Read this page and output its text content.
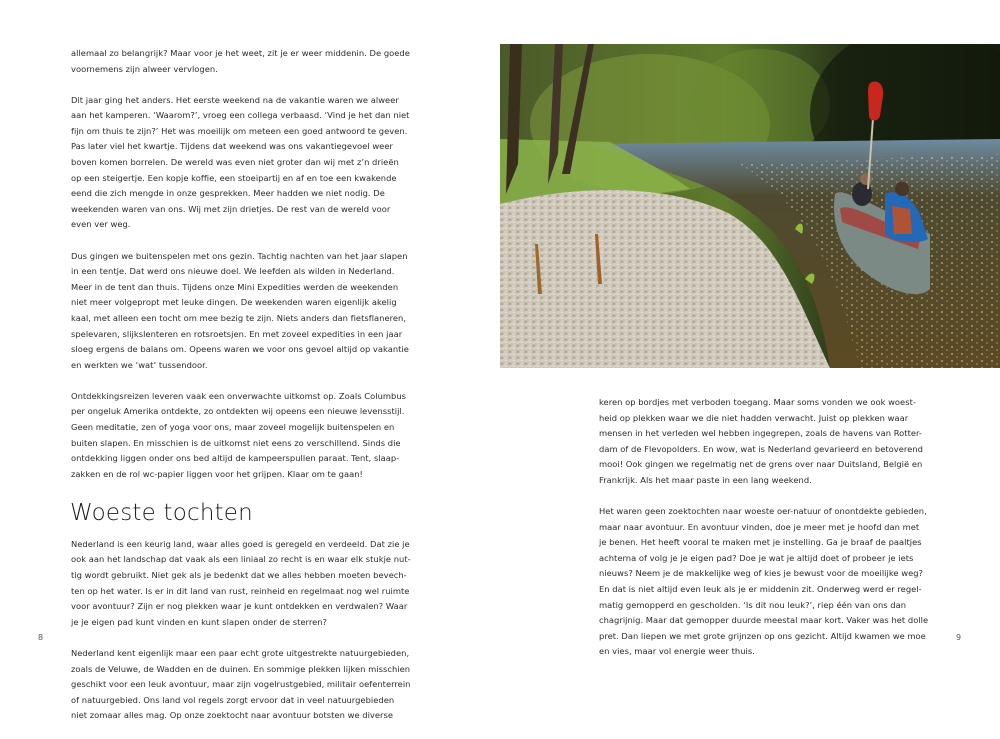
allemaal zo belangrijk? Maar voor je het weet, zit je er weer middenin. De goede
voornemens zijn alweer vervlogen.

Dit jaar ging het anders. Het eerste weekend na de vakantie waren we alweer
aan het kamperen. ‘Waarom?’, vroeg een collega verbaasd. ‘Vind je het dan niet
fijn om thuis te zijn?’ Het was moeilijk om meteen een goed antwoord te geven.
Pas later viel het kwartje. Tijdens dat weekend was ons vakantiegevoel weer
boven komen borrelen. De wereld was even niet groter dan wij met z’n drieën
op een steigertje. Een kopje koffie, een stoeipartij en af en toe een kwakende
eend die zich mengde in onze gesprekken. Meer hadden we niet nodig. De
weekenden waren van ons. Wij met zijn drietjes. De rest van de wereld voor
even ver weg.

Dus gingen we buitenspelen met ons gezin. Tachtig nachten van het jaar slapen
in een tentje. Dat werd ons nieuwe doel. We leefden als wilden in Nederland.
Meer in de tent dan thuis. Tijdens onze Mini Expedities werden de weekenden
niet meer volgepropt met leuke dingen. De weekenden waren eigenlijk akelig
kaal, met alleen een tocht om mee bezig te zijn. Niets anders dan fietsflaneren,
spelevaren, slijkslenteren en rotsroetsjen. En met zoveel expedities in een jaar
sloeg ergens de balans om. Opeens waren we voor ons gevoel altijd op vakantie
en werkten we ‘wat’ tussendoor.

Ontdekkingsreizen leveren vaak een onverwachte uitkomst op. Zoals Columbus
per ongeluk Amerika ontdekte, zo ontdekten wij opeens een nieuwe levensstijl.
Geen meditatie, zen of yoga voor ons, maar zoveel mogelijk buitenspelen en
buiten slapen. En misschien is de uitkomst niet eens zo verschillend. Sinds die
ontdekking liggen onder ons bed altijd de kampeerspullen paraat. Tent, slaap-
zakken en de rol wc-papier liggen voor het grijpen. Klaar om te gaan!

Woeste tochten

Nederland is een keurig land, waar alles goed is geregeld en verdeeld. Dat zie je
ook aan het landschap dat vaak als een liniaal zo recht is en waar elk stukje nut-
tig wordt gebruikt. Niet gek als je bedenkt dat we alles hebben moeten bevech-
ten op het water. Is er in dit land van rust, reinheid en regelmaat nog wel ruimte
voor avontuur? Zijn er nog plekken waar je kunt ontdekken en verdwalen? Waar
je je eigen pad kunt vinden en kunt slapen onder de sterren?

Nederland kent eigenlijk maar een paar echt grote uitgestrekte natuurgebieden,
zoals de Veluwe, de Wadden en de duinen. En sommige plekken lijken misschien
geschikt voor een leuk avontuur, maar zijn vogelrustgebied, militair oefenterrein
of natuurgebied. Ons land vol regels zorgt ervoor dat in veel natuurgebieden
niet zomaar alles mag. Op onze zoektocht naar avontuur botsten we diverse

8

keren op bordjes met verboden toegang. Maar soms vonden we ook woest-
heid op plekken waar we die niet hadden verwacht. Juist op plekken waar
mensen in het verleden wel hebben ingegrepen, zoals de havens van Rotter-
dam of de Flevopolders. En wow, wat is Nederland gevarieerd en betoverend
mooi! Ook gingen we regelmatig net de grens over naar Duitsland, België en
Frankrijk. Als het maar paste in een lang weekend.

Het waren geen zoektochten naar woeste oer-natuur of onontdekte gebieden,
maar naar avontuur. En avontuur vinden, doe je meer met je hoofd dan met
je benen. Het heeft vooral te maken met je instelling. Ga je braaf de paaltjes
achterna of volg je je eigen pad? Doe je wat je altijd doet of probeer je iets
nieuws? Neem je de makkelijke weg of kies je bewust voor de moeilijke weg?
En dat is niet altijd even leuk als je er middenin zit. Onderweg werd er regel-
matig gemopperd en gescholden. ‘Is dit nou leuk?’, riep één van ons dan
chagrijnig. Maar dat gemopper duurde meestal maar kort. Vaker was het dolle
pret. Dan liepen we met grote grijnzen op ons gezicht. Altijd kwamen we moe
en vies, maar vol energie weer thuis.

9
